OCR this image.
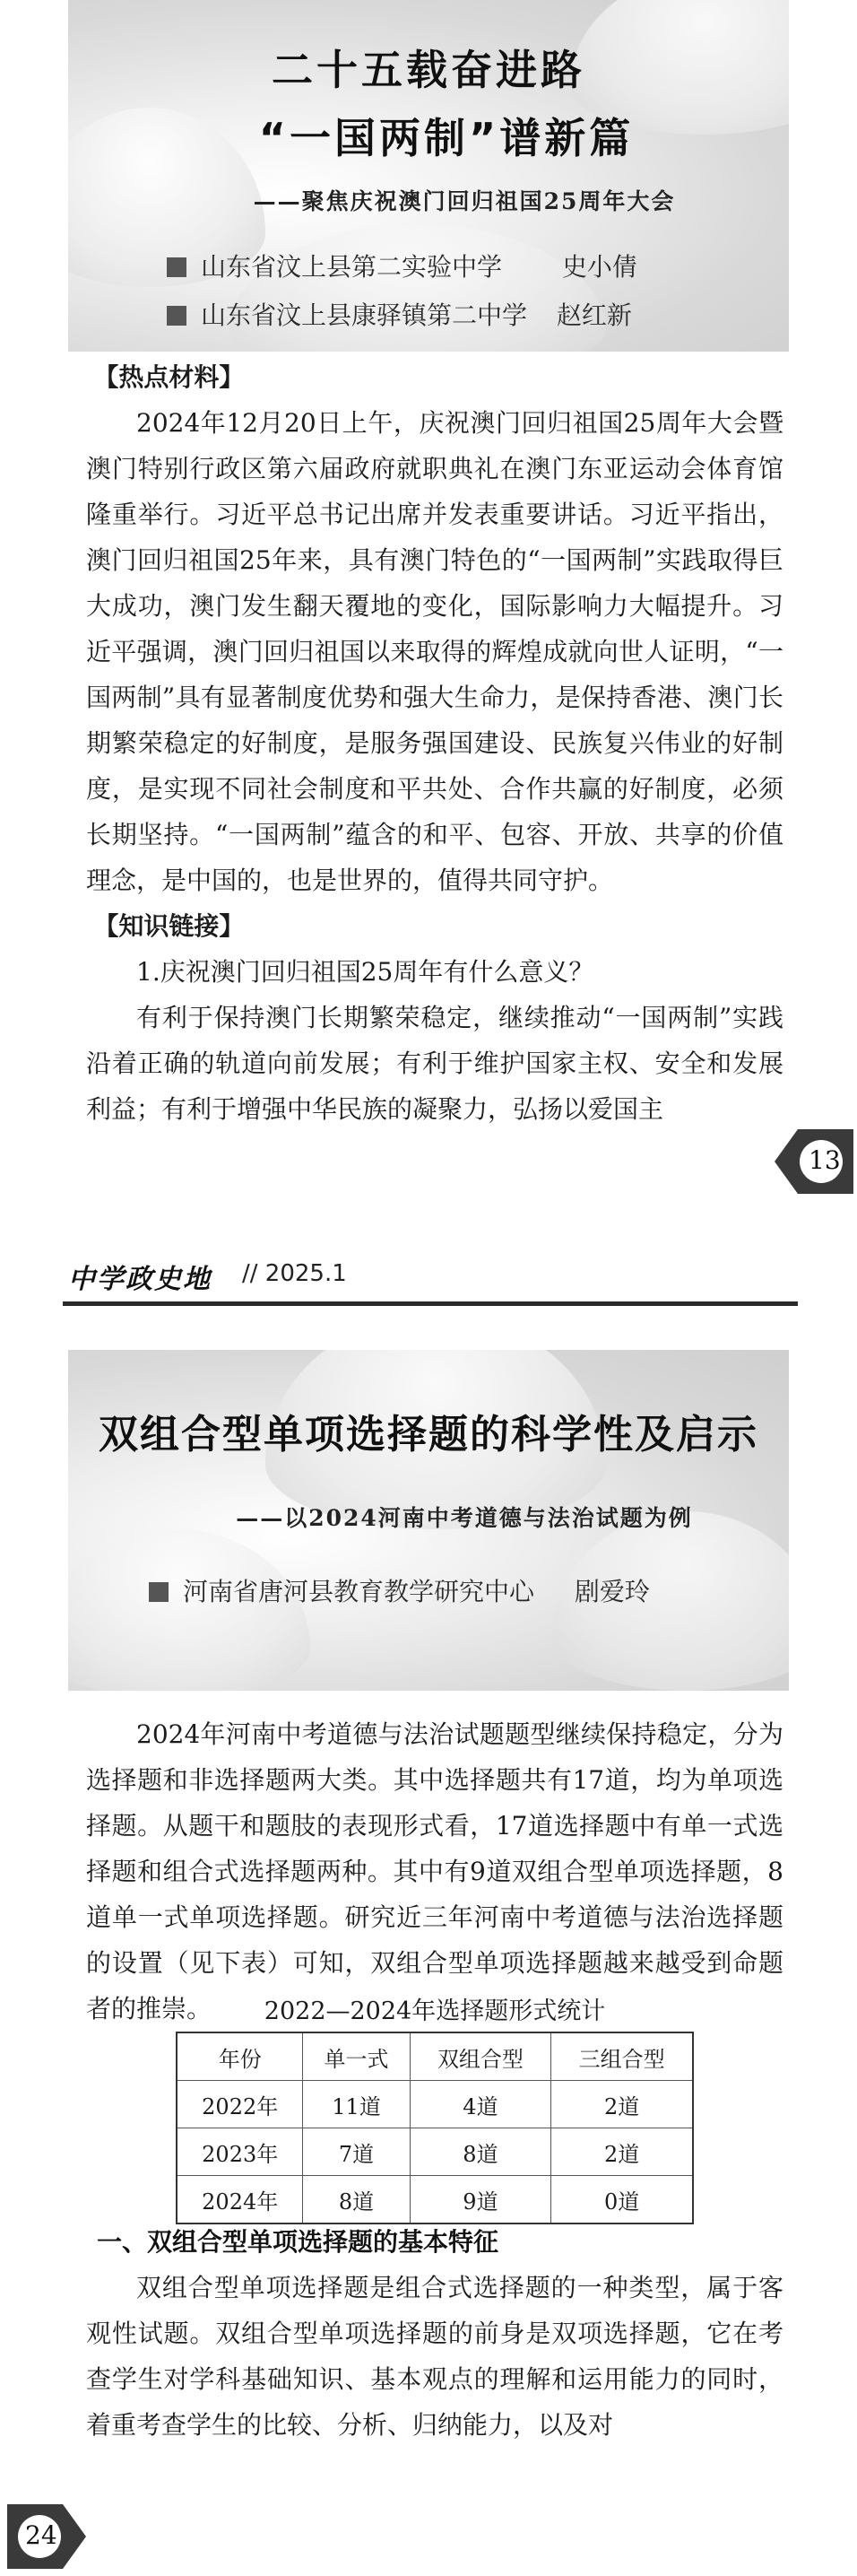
二十五载奋进路
“一国两制”谱新篇
——聚焦庆祝澳门回归祖国25周年大会
山东省汶上县第二实验中学 史小倩
山东省汶上县康驿镇第二中学 赵红新
【热点材料】

2024年12月20日上午，庆祝澳门回归祖国25周年大会暨澳门特别行政区第六届政府就职典礼在澳门东亚运动会体育馆隆重举行。习近平总书记出席并发表重要讲话。习近平指出，澳门回归祖国25年来，具有澳门特色的“一国两制”实践取得巨大成功，澳门发生翻天覆地的变化，国际影响力大幅提升。习近平强调，澳门回归祖国以来取得的辉煌成就向世人证明，“一国两制”具有显著制度优势和强大生命力，是保持香港、澳门长期繁荣稳定的好制度，是服务强国建设、民族复兴伟业的好制度，是实现不同社会制度和平共处、合作共赢的好制度，必须长期坚持。“一国两制”蕴含的和平、包容、开放、共享的价值理念，是中国的，也是世界的，值得共同守护。

【知识链接】

1.庆祝澳门回归祖国25周年有什么意义？

有利于保持澳门长期繁荣稳定，继续推动“一国两制”实践沿着正确的轨道向前发展；有利于维护国家主权、安全和发展利益；有利于增强中华民族的凝聚力，弘扬以爱国主

13
中学政史地 // 2025.1
双组合型单项选择题的科学性及启示
——以2024河南中考道德与法治试题为例
河南省唐河县教育教学研究中心 剧爱玲

2024年河南中考道德与法治试题题型继续保持稳定，分为选择题和非选择题两大类。其中选择题共有17道，均为单项选择题。从题干和题肢的表现形式看，17道选择题中有单一式选择题和组合式选择题两种。其中有9道双组合型单项选择题，8道单一式单项选择题。研究近三年河南中考道德与法治选择题的设置（见下表）可知，双组合型单项选择题越来越受到命题者的推崇。	2022—2024年选择题形式统计
年份	单一式	双组合型	三组合型
2022年	11道	4道	2道
2023年	7道	8道	2道
2024年	8道	9道	0道
一、双组合型单项选择题的基本特征

双组合型单项选择题是组合式选择题的一种类型，属于客观性试题。双组合型单项选择题的前身是双项选择题，它在考查学生对学科基础知识、基本观点的理解和运用能力的同时，着重考查学生的比较、分析、归纳能力，以及对

24
